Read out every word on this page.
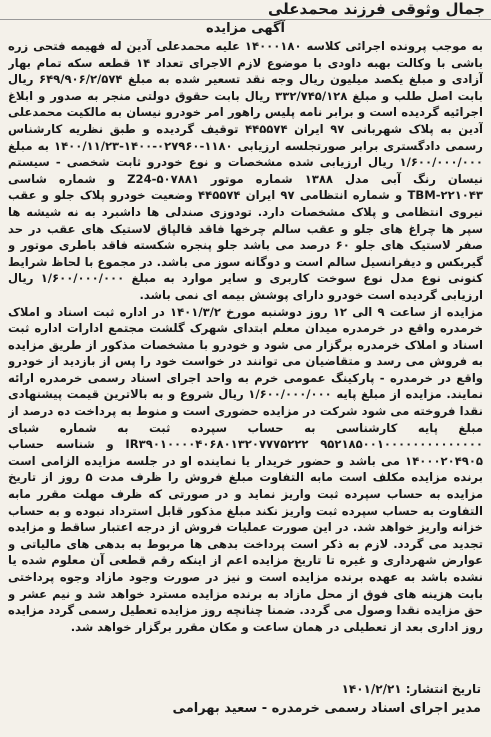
جمال وثوقی فرزند محمدعلی
آگهی مزایده

به موجب پرونده اجرائی کلاسه ۱۴۰۰۰۱۸۰ علیه محمدعلی آدین له فهیمه فتحی زره باشی با وکالت بهبه داودی با موضوع لازم الاجرای تعداد ۱۴ قطعه سکه تمام بهار آزادی و مبلغ یکصد میلیون ریال وجه نقد تسعیر شده به مبلغ ۶۴۹/۹۰۶/۲/۵۷۴ ریال بابت اصل طلب و مبلغ ۳۳۲/۷۴۵/۱۲۸ ریال بابت حقوق دولتی منجر به صدور و ابلاغ اجرائیه گردیده است و برابر نامه پلیس راهور امر خودرو نیسان به مالکیت محمدعلی آدین به پلاک شهربانی ۹۷ ایران ۴۴۵۵۷۴ توقیف گردیده و طبق نظریه کارشناس رسمی دادگستری برابر صورتجلسه ارزیابی ۱۱۸۰-۰۲۷۹۶۰-۱۴۰۰-۱۴۰۰/۱۱/۲۳ به مبلغ ۱/۶۰۰/۰۰۰/۰۰۰ ریال ارزیابی شده مشخصات و نوع خودرو ثابت شخصی - سیستم نیسان رنگ آبی مدل ۱۳۸۸ شماره موتور Z24-۵۰۷۸۸۱ و شماره شاسی TBM-۲۲۱۰۴۳ و شماره انتظامی ۹۷ ایران ۴۴۵۵۷۴ وضعیت خودرو پلاک جلو و عقب نیروی انتظامی و پلاک مشخصات دارد. تودوزی صندلی ها داشبرد به نه شیشه ها سپر ها چراغ های جلو و عقب سالم چرخها فاقد قالپاق لاستیک های عقب در حد صفر لاستیک های جلو ۶۰ درصد می باشد جلو پنجره شکسته فاقد باطری موتور و گیربکس و دیفرانسیل سالم است و دوگانه سوز می باشد. در مجموع با لحاظ شرایط کنونی نوع مدل نوع سوخت کاربری و سایر موارد به مبلغ ۱/۶۰۰/۰۰۰/۰۰۰ ریال ارزیابی گردیده است خودرو دارای پوشش بیمه ای نمی باشد.

مزایده از ساعت ۹ الی ۱۲ روز دوشنبه مورخ ۱۴۰۱/۳/۲ در اداره ثبت اسناد و املاک خرمدره واقع در خرمدره میدان معلم ابتدای شهرک گلشت مجتمع ادارات اداره ثبت اسناد و املاک خرمدره برگزار می شود و خودرو با مشخصات مذکور از طریق مزایده به فروش می رسد و متقاضیان می توانند در خواست خود را پس از بازدید از خودرو واقع در خرمدره - پارکینگ عمومی خرم به واحد اجرای اسناد رسمی خرمدره ارائه نمایند. مزایده از مبلغ پایه ۱/۶۰۰/۰۰۰/۰۰۰ ریال شروع و به بالاترین قیمت پیشنهادی نقدا فروخته می شود شرکت در مزایده حضوری است و منوط به پرداخت ده درصد از مبلغ پایه کارشناسی به حساب سپرده ثبت به شماره شبای ۹۵۲۱۸۵۰۰۱۰۰۰۰۰۰۰۰۰۰۰۰۰۰ IR۳۹۰۱۰۰۰۰۴۰۶۸۰۱۳۲۰۷۷۷۵۲۲۲ و شناسه حساب ۱۴۰۰۰۲۰۴۹۰۵ می باشد و حضور خریدار یا نماینده او در جلسه مزایده الزامی است برنده مزایده مکلف است مابه التفاوت مبلغ فروش را ظرف مدت ۵ روز از تاریخ مزایده به حساب سپرده ثبت واریز نماید و در صورتی که ظرف مهلت مقرر مابه التفاوت به حساب سپرده ثبت واریز نکند مبلغ مذکور قابل استرداد نبوده و به حساب خزانه واریز خواهد شد. در این صورت عملیات فروش از درجه اعتبار ساقط و مزایده تجدید می گردد. لازم به ذکر است پرداخت بدهی ها مربوط به بدهی های مالیاتی و عوارض شهرداری و غیره تا تاریخ مزایده اعم از اینکه رقم قطعی آن معلوم شده یا نشده باشد به عهده برنده مزایده است و نیز در صورت وجود مازاد وجوه پرداختی بابت هزینه های فوق از محل مازاد به برنده مزایده مسترد خواهد شد و نیم عشر و حق مزایده نقدا وصول می گردد. ضمنا چنانچه روز مزایده تعطیل رسمی گردد مزایده روز اداری بعد از تعطیلی در همان ساعت و مکان مقرر برگزار خواهد شد.

تاریخ انتشار: ۱۴۰۱/۲/۲۱
مدیر اجرای اسناد رسمی خرمدره - سعید بهرامی
